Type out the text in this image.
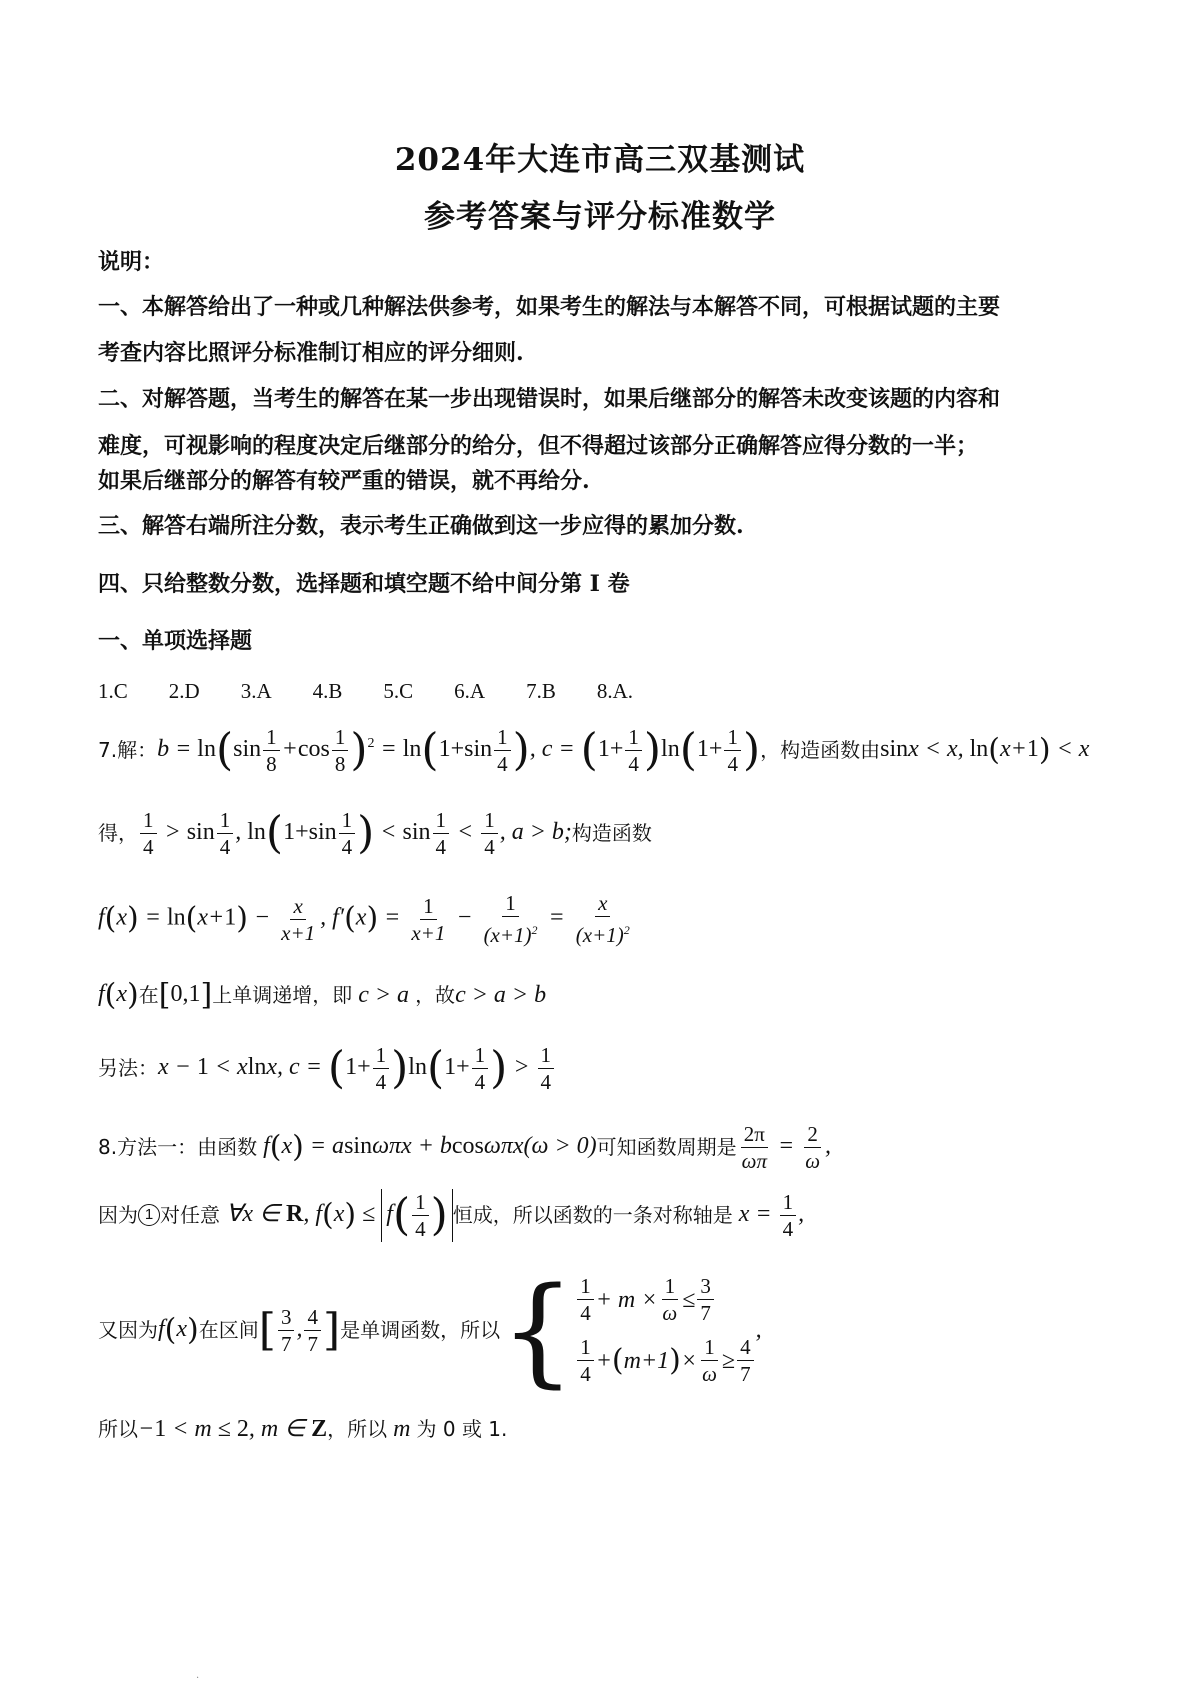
2024年大连市高三双基测试
参考答案与评分标准数学
说明：
一、本解答给出了一种或几种解法供参考，如果考生的解法与本解答不同，可根据试题的主要
考查内容比照评分标准制订相应的评分细则.
二、对解答题，当考生的解答在某一步出现错误时，如果后继部分的解答未改变该题的内容和
难度，可视影响的程度决定后继部分的给分，但不得超过该部分正确解答应得分数的一半；
如果后继部分的解答有较严重的错误，就不再给分.
三、解答右端所注分数，表示考生正确做到这一步应得的累加分数.
四、只给整数分数，选择题和填空题不给中间分第 I 卷
一、单项选择题
1.C 2.D 3.A 4.B 5.C 6.A 7.B 8.A.
7.解： $b = \ln(\sin \frac{1}{8} +\cos \frac{1}{8} )^2 = \ln(1+\sin \frac{1}{4}$ ), $c = (1+ \frac{1}{4} )\ln(1+ \frac{1}{4}$ ) ，构造函数由 sinx < x, ln(x+1) < x
得， $\frac{1}{4} > \sin \frac{1}{4}$ , $\ln(1+\sin \frac{1}{4}$ ) < $\sin \frac{1}{4} < \frac{1}{4}$ , a > b; 构造函数
$f(x) = \ln(x+1) - \frac{x}{x+1}$ , $f'(x) = \frac{1}{x+1} - \frac{1}{(x+1)^2} = \frac{x}{(x+1)^2}$
f(x) 在 [0,1] 上单调递增，即 c > a ，故 c > a > b
另法： x − 1 < xlnx, $c = (1+ \frac{1}{4} )\ln(1+ \frac{1}{4}$ ) > $\frac{1}{4}$
8.方法一：由函数 f(x) = asinωπx + bcosωπx(ω > 0) 可知函数周期是 $\frac{2\pi}{\omega\pi} = \frac{2}{\omega}$ ,
因为 1 对任意 ∀x ∈ R, $f(x) \le f( \frac{1}{4}$ ) 恒成，所以函数的一条对称轴是 $x = \frac{1}{4}$ ,
又因为 f(x) 在区间 [ $\frac{3}{7}$ , $\frac{4}{7}$ ] 是单调函数，所以 { $\frac{1}{4} + m \times \frac{1}{\omega} \le \frac{3}{7}$
$\frac{1}{4}$ + ( m+1 ) × $\frac{1}{\omega} \ge \frac{4}{7}$
,
所以 −1 < m ≤ 2, m ∈ Z ，所以 m 为 0 或 1.
.
